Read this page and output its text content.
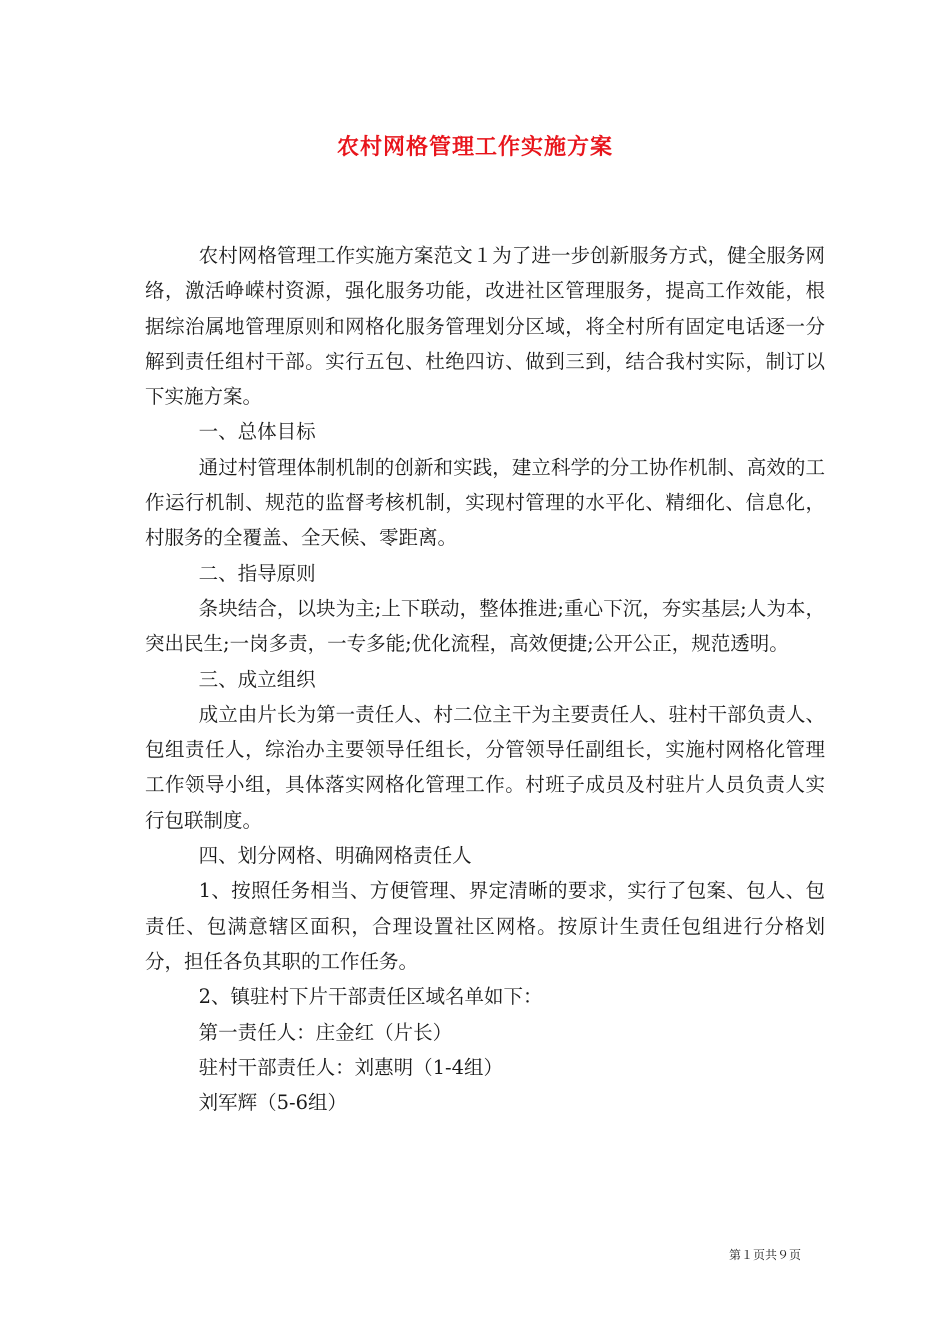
农村网格管理工作实施方案

农村网格管理工作实施方案范文１为了进一步创新服务方式，健全服务网络，激活峥嵘村资源，强化服务功能，改进社区管理服务，提高工作效能，根据综治属地管理原则和网格化服务管理划分区域，将全村所有固定电话逐一分解到责任组村干部。实行五包、杜绝四访、做到三到，结合我村实际，制订以下实施方案。

一、总体目标

通过村管理体制机制的创新和实践，建立科学的分工协作机制、高效的工作运行机制、规范的监督考核机制，实现村管理的水平化、精细化、信息化，村服务的全覆盖、全天候、零距离。

二、指导原则

条块结合，以块为主;上下联动，整体推进;重心下沉，夯实基层;人为本，突出民生;一岗多责，一专多能;优化流程，高效便捷;公开公正，规范透明。

三、成立组织

成立由片长为第一责任人、村二位主干为主要责任人、驻村干部负责人、包组责任人，综治办主要领导任组长，分管领导任副组长，实施村网格化管理工作领导小组，具体落实网格化管理工作。村班子成员及村驻片人员负责人实行包联制度。

四、划分网格、明确网格责任人

1、按照任务相当、方便管理、界定清晰的要求，实行了包案、包人、包责任、包满意辖区面积，合理设置社区网格。按原计生责任包组进行分格划分，担任各负其职的工作任务。

2、镇驻村下片干部责任区域名单如下：

第一责任人：庄金红（片长）

驻村干部责任人：刘惠明（1-4组）

刘军辉（5-6组）

第１页共９页
